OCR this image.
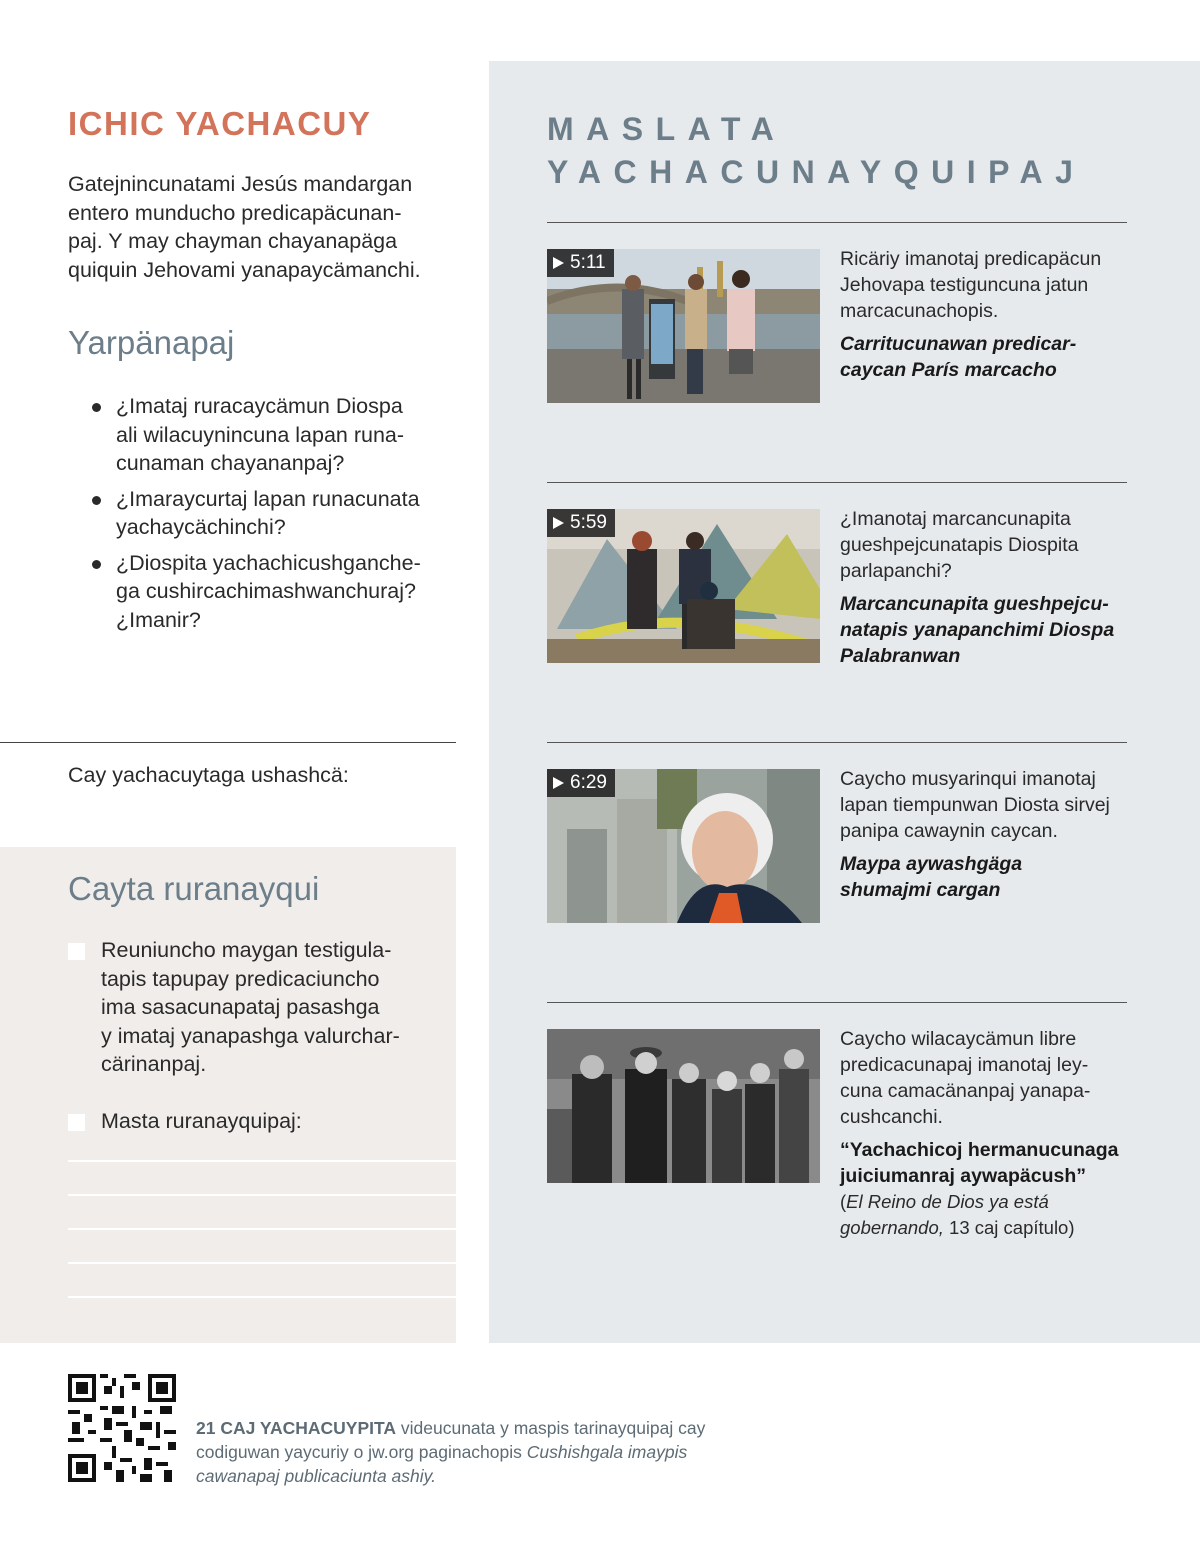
ICHIC YACHACUY
Gatejnincunatami Jesús mandargan
entero munducho predicapäcunan-
paj. Y may chayman chayanapäga
quiquin Jehovami yanapaycämanchi.
Yarpänapaj
¿Imataj ruracaycämun Diospa
ali wilacuynincuna lapan runa-
cunaman chayananpaj?
¿Imaraycurtaj lapan runacunata
yachaycächinchi?
¿Diospita yachachicushganche-
ga cushircachimashwanchuraj?
¿Imanir?
Cay yachacuytaga ushashcä:
Cayta ruranayqui
Reuniuncho maygan testigula-
tapis tapupay predicaciuncho
ima sasacunapataj pasashga
y imataj yanapashga valurchar-
cärinanpaj.
Masta ruranayquipaj:
MASLATA
YACHACUNAYQUIPAJ
5:11	Ricäriy imanotaj predicapäcun
Jehovapa testiguncuna jatun
marcacunachopis.
Carritucunawan predicar-
caycan París marcacho
5:59	¿Imanotaj marcancunapita
gueshpejcunatapis Diospita
parlapanchi?
Marcancunapita gueshpejcu-
natapis yanapanchimi Diospa
Palabranwan
6:29	Caycho musyarinqui imanotaj
lapan tiempunwan Diosta sirvej
panipa cawaynin caycan.
Maypa aywashgäga
shumajmi cargan
Caycho wilacaycämun libre
predicacunapaj imanotaj ley-
cuna camacänanpaj yanapa-
cushcanchi.
“Yachachicoj hermanucunaga
juiciumanraj aywapäcush”
(El Reino de Dios ya está gobernando, 13 caj capítulo)
21 CAJ YACHACUYPITA videucunata y maspis tarinayquipaj cay codiguwan yaycuriy o jw.org paginachopis Cushishgala imaypis cawanapaj publicaciunta ashiy.
